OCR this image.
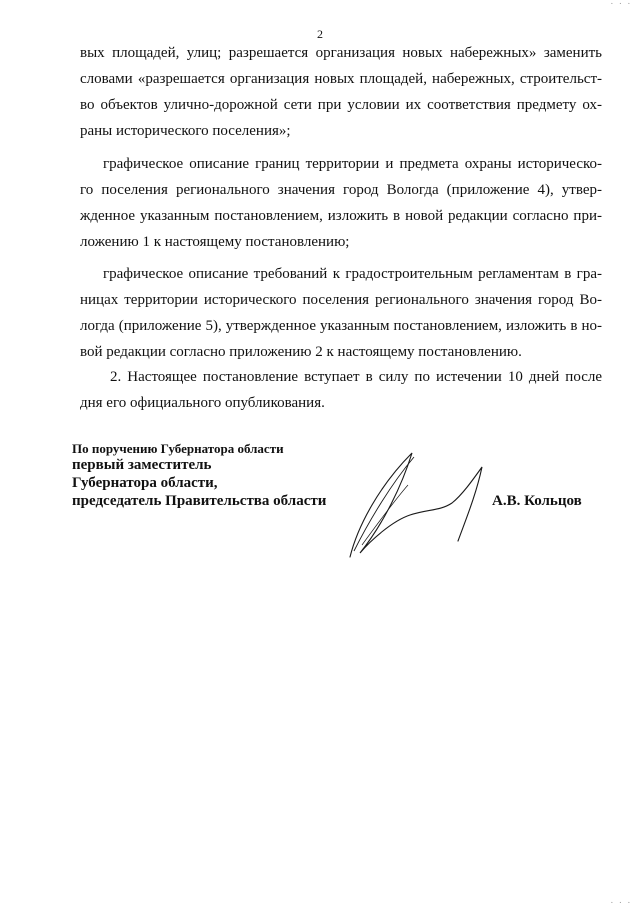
. . .
2
вых площадей, улиц; разрешается организация новых набережных» заменить
словами «разрешается организация новых площадей, набережных, строительст-
во объектов улично-дорожной сети при условии их соответствия предмету ох-
раны исторического поселения»;
графическое описание границ территории и предмета охраны историческо-
го поселения регионального значения город Вологда (приложение 4), утвер-
жденное указанным постановлением, изложить в новой редакции согласно при-
ложению 1 к настоящему постановлению;
графическое описание требований к градостроительным регламентам в гра-
ницах территории исторического поселения регионального значения город Во-
логда (приложение 5), утвержденное указанным постановлением, изложить в но-
вой редакции согласно приложению 2 к настоящему постановлению.
2. Настоящее постановление вступает в силу по истечении 10 дней после
дня его официального опубликования.
По поручению Губернатора области
первый заместитель
Губернатора области,
председатель Правительства области	А.В. Кольцов
. . .
